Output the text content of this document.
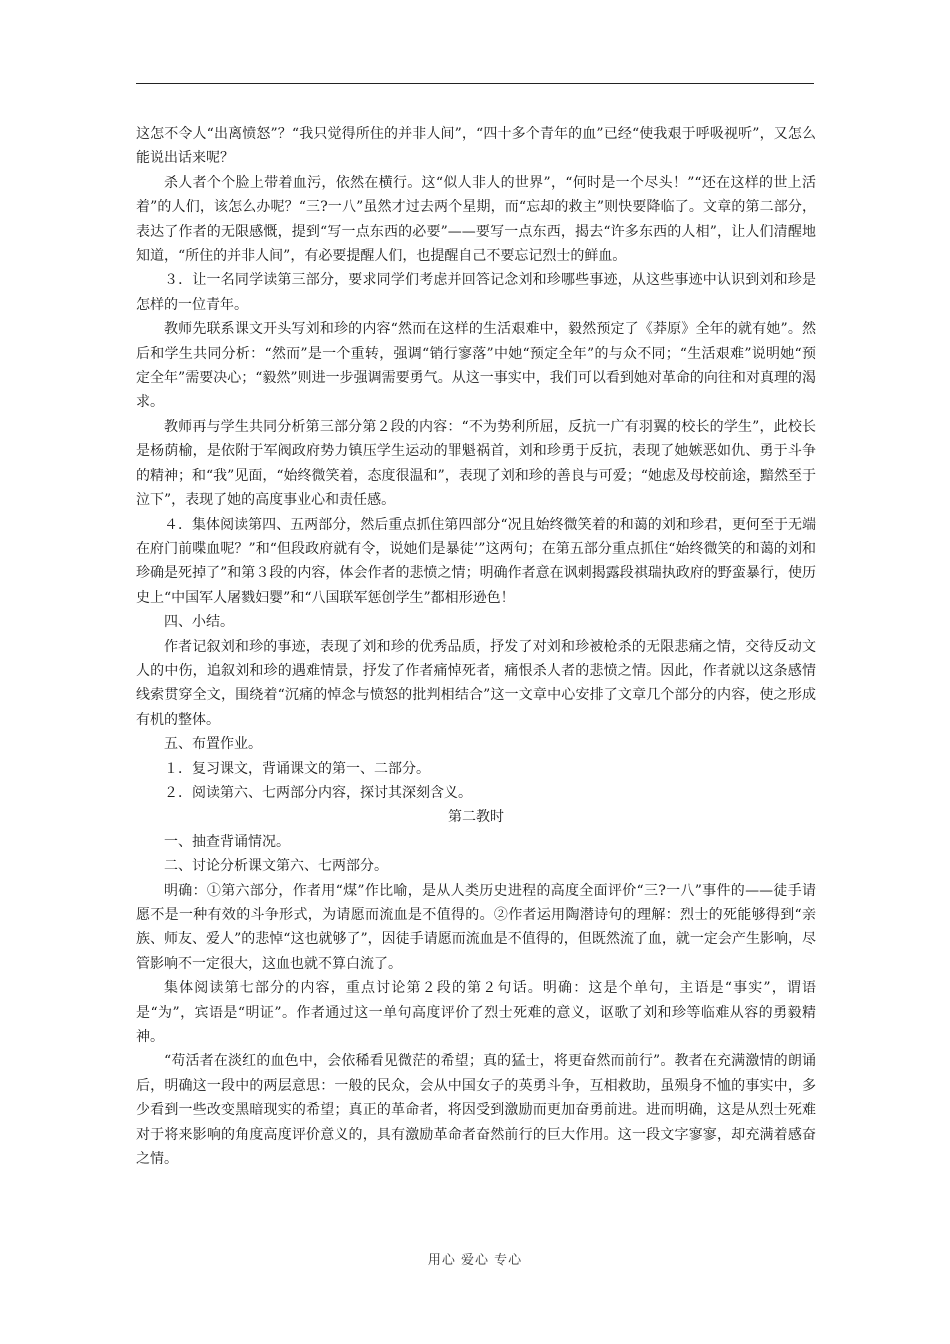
这怎不令人“出离愤怒”？“我只觉得所住的并非人间”，“四十多个青年的血”已经“使我艰于呼吸视听”，又怎么能说出话来呢？

杀人者个个脸上带着血污，依然在横行。这“似人非人的世界”，“何时是一个尽头！”“还在这样的世上活着”的人们，该怎么办呢？“三?一八”虽然才过去两个星期，而“忘却的救主”则快要降临了。文章的第二部分，表达了作者的无限感慨，提到“写一点东西的必要”——要写一点东西，揭去“许多东西的人相”，让人们清醒地知道，“所住的并非人间”，有必要提醒人们，也提醒自己不要忘记烈士的鲜血。

３．让一名同学读第三部分，要求同学们考虑并回答记念刘和珍哪些事迹，从这些事迹中认识到刘和珍是怎样的一位青年。

教师先联系课文开头写刘和珍的内容“然而在这样的生活艰难中，毅然预定了《莽原》全年的就有她”。然后和学生共同分析：“然而”是一个重转，强调“销行寥落”中她“预定全年”的与众不同；“生活艰难”说明她“预定全年”需要决心；“毅然”则进一步强调需要勇气。从这一事实中，我们可以看到她对革命的向往和对真理的渴求。

教师再与学生共同分析第三部分第２段的内容：“不为势利所屈，反抗一广有羽翼的校长的学生”，此校长是杨荫榆，是依附于军阀政府势力镇压学生运动的罪魁祸首，刘和珍勇于反抗，表现了她嫉恶如仇、勇于斗争的精神；和“我”见面，“始终微笑着，态度很温和”，表现了刘和珍的善良与可爱；“她虑及母校前途，黯然至于泣下”，表现了她的高度事业心和责任感。

４．集体阅读第四、五两部分，然后重点抓住第四部分“况且始终微笑着的和蔼的刘和珍君，更何至于无端在府门前喋血呢？”和“但段政府就有令，说她们是暴徒’”这两句；在第五部分重点抓住“始终微笑的和蔼的刘和珍确是死掉了”和第３段的内容，体会作者的悲愤之情；明确作者意在讽刺揭露段祺瑞执政府的野蛮暴行，使历史上“中国军人屠戮妇婴”和“八国联军惩创学生”都相形逊色！

四、小结。

作者记叙刘和珍的事迹，表现了刘和珍的优秀品质，抒发了对刘和珍被枪杀的无限悲痛之情，交待反动文人的中伤，追叙刘和珍的遇难情景，抒发了作者痛悼死者，痛恨杀人者的悲愤之情。因此，作者就以这条感情线索贯穿全文，围绕着“沉痛的悼念与愤怒的批判相结合”这一文章中心安排了文章几个部分的内容，使之形成有机的整体。

五、布置作业。

１．复习课文，背诵课文的第一、二部分。

２．阅读第六、七两部分内容，探讨其深刻含义。

第二教时

一、抽查背诵情况。

二、讨论分析课文第六、七两部分。

明确：①第六部分，作者用“煤”作比喻，是从人类历史进程的高度全面评价“三?一八”事件的——徒手请愿不是一种有效的斗争形式，为请愿而流血是不值得的。②作者运用陶潜诗句的理解：烈士的死能够得到“亲族、师友、爱人”的悲悼“这也就够了”，因徒手请愿而流血是不值得的，但既然流了血，就一定会产生影响，尽管影响不一定很大，这血也就不算白流了。

集体阅读第七部分的内容，重点讨论第２段的第２句话。明确：这是个单句，主语是“事实”，谓语是“为”，宾语是“明证”。作者通过这一单句高度评价了烈士死难的意义，讴歌了刘和珍等临难从容的勇毅精神。

“苟活者在淡红的血色中，会依稀看见微茫的希望；真的猛士，将更奋然而前行”。教者在充满激情的朗诵后，明确这一段中的两层意思：一般的民众，会从中国女子的英勇斗争，互相救助，虽殒身不恤的事实中，多少看到一些改变黑暗现实的希望；真正的革命者，将因受到激励而更加奋勇前进。进而明确，这是从烈士死难对于将来影响的角度高度评价意义的，具有激励革命者奋然前行的巨大作用。这一段文字寥寥，却充满着感奋之情。

用心 爱心 专心
